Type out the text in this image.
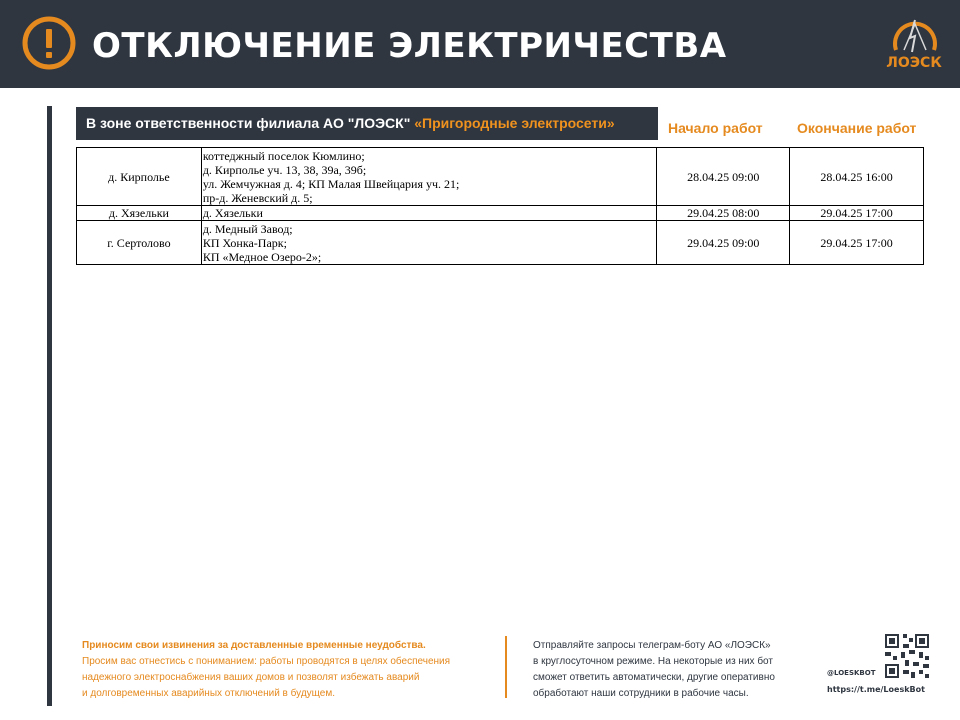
ОТКЛЮЧЕНИЕ ЭЛЕКТРИЧЕСТВА	ЛОЭСК
В зоне ответственности филиала АО "ЛОЭСК" «Пригородные электросети»	Начало работ Окончание работ
д. Кирполье	коттеджный поселок Кюмлино;
д. Кирполье уч. 13, 38, 39а, 39б;
ул. Жемчужная д. 4; КП Малая Швейцария уч. 21;
пр-д. Женевский д. 5;	28.04.25 09:00	28.04.25 16:00
д. Хязельки	д. Хязельки	29.04.25 08:00	29.04.25 17:00
г. Сертолово	д. Медный Завод;
КП Хонка-Парк;
КП «Медное Озеро-2»;	29.04.25 09:00	29.04.25 17:00
Приносим свои извинения за доставленные временные неудобства.
Просим вас отнестись с пониманием: работы проводятся в целях обеспечения
надежного электроснабжения ваших домов и позволят избежать аварий
и долговременных аварийных отключений в будущем.
Отправляйте запросы телеграм-боту АО «ЛОЭСК»
в круглосуточном режиме. На некоторые из них бот
сможет ответить автоматически, другие оперативно
обработают наши сотрудники в рабочие часы.
@LOESKBOT
https://t.me/LoeskBot
